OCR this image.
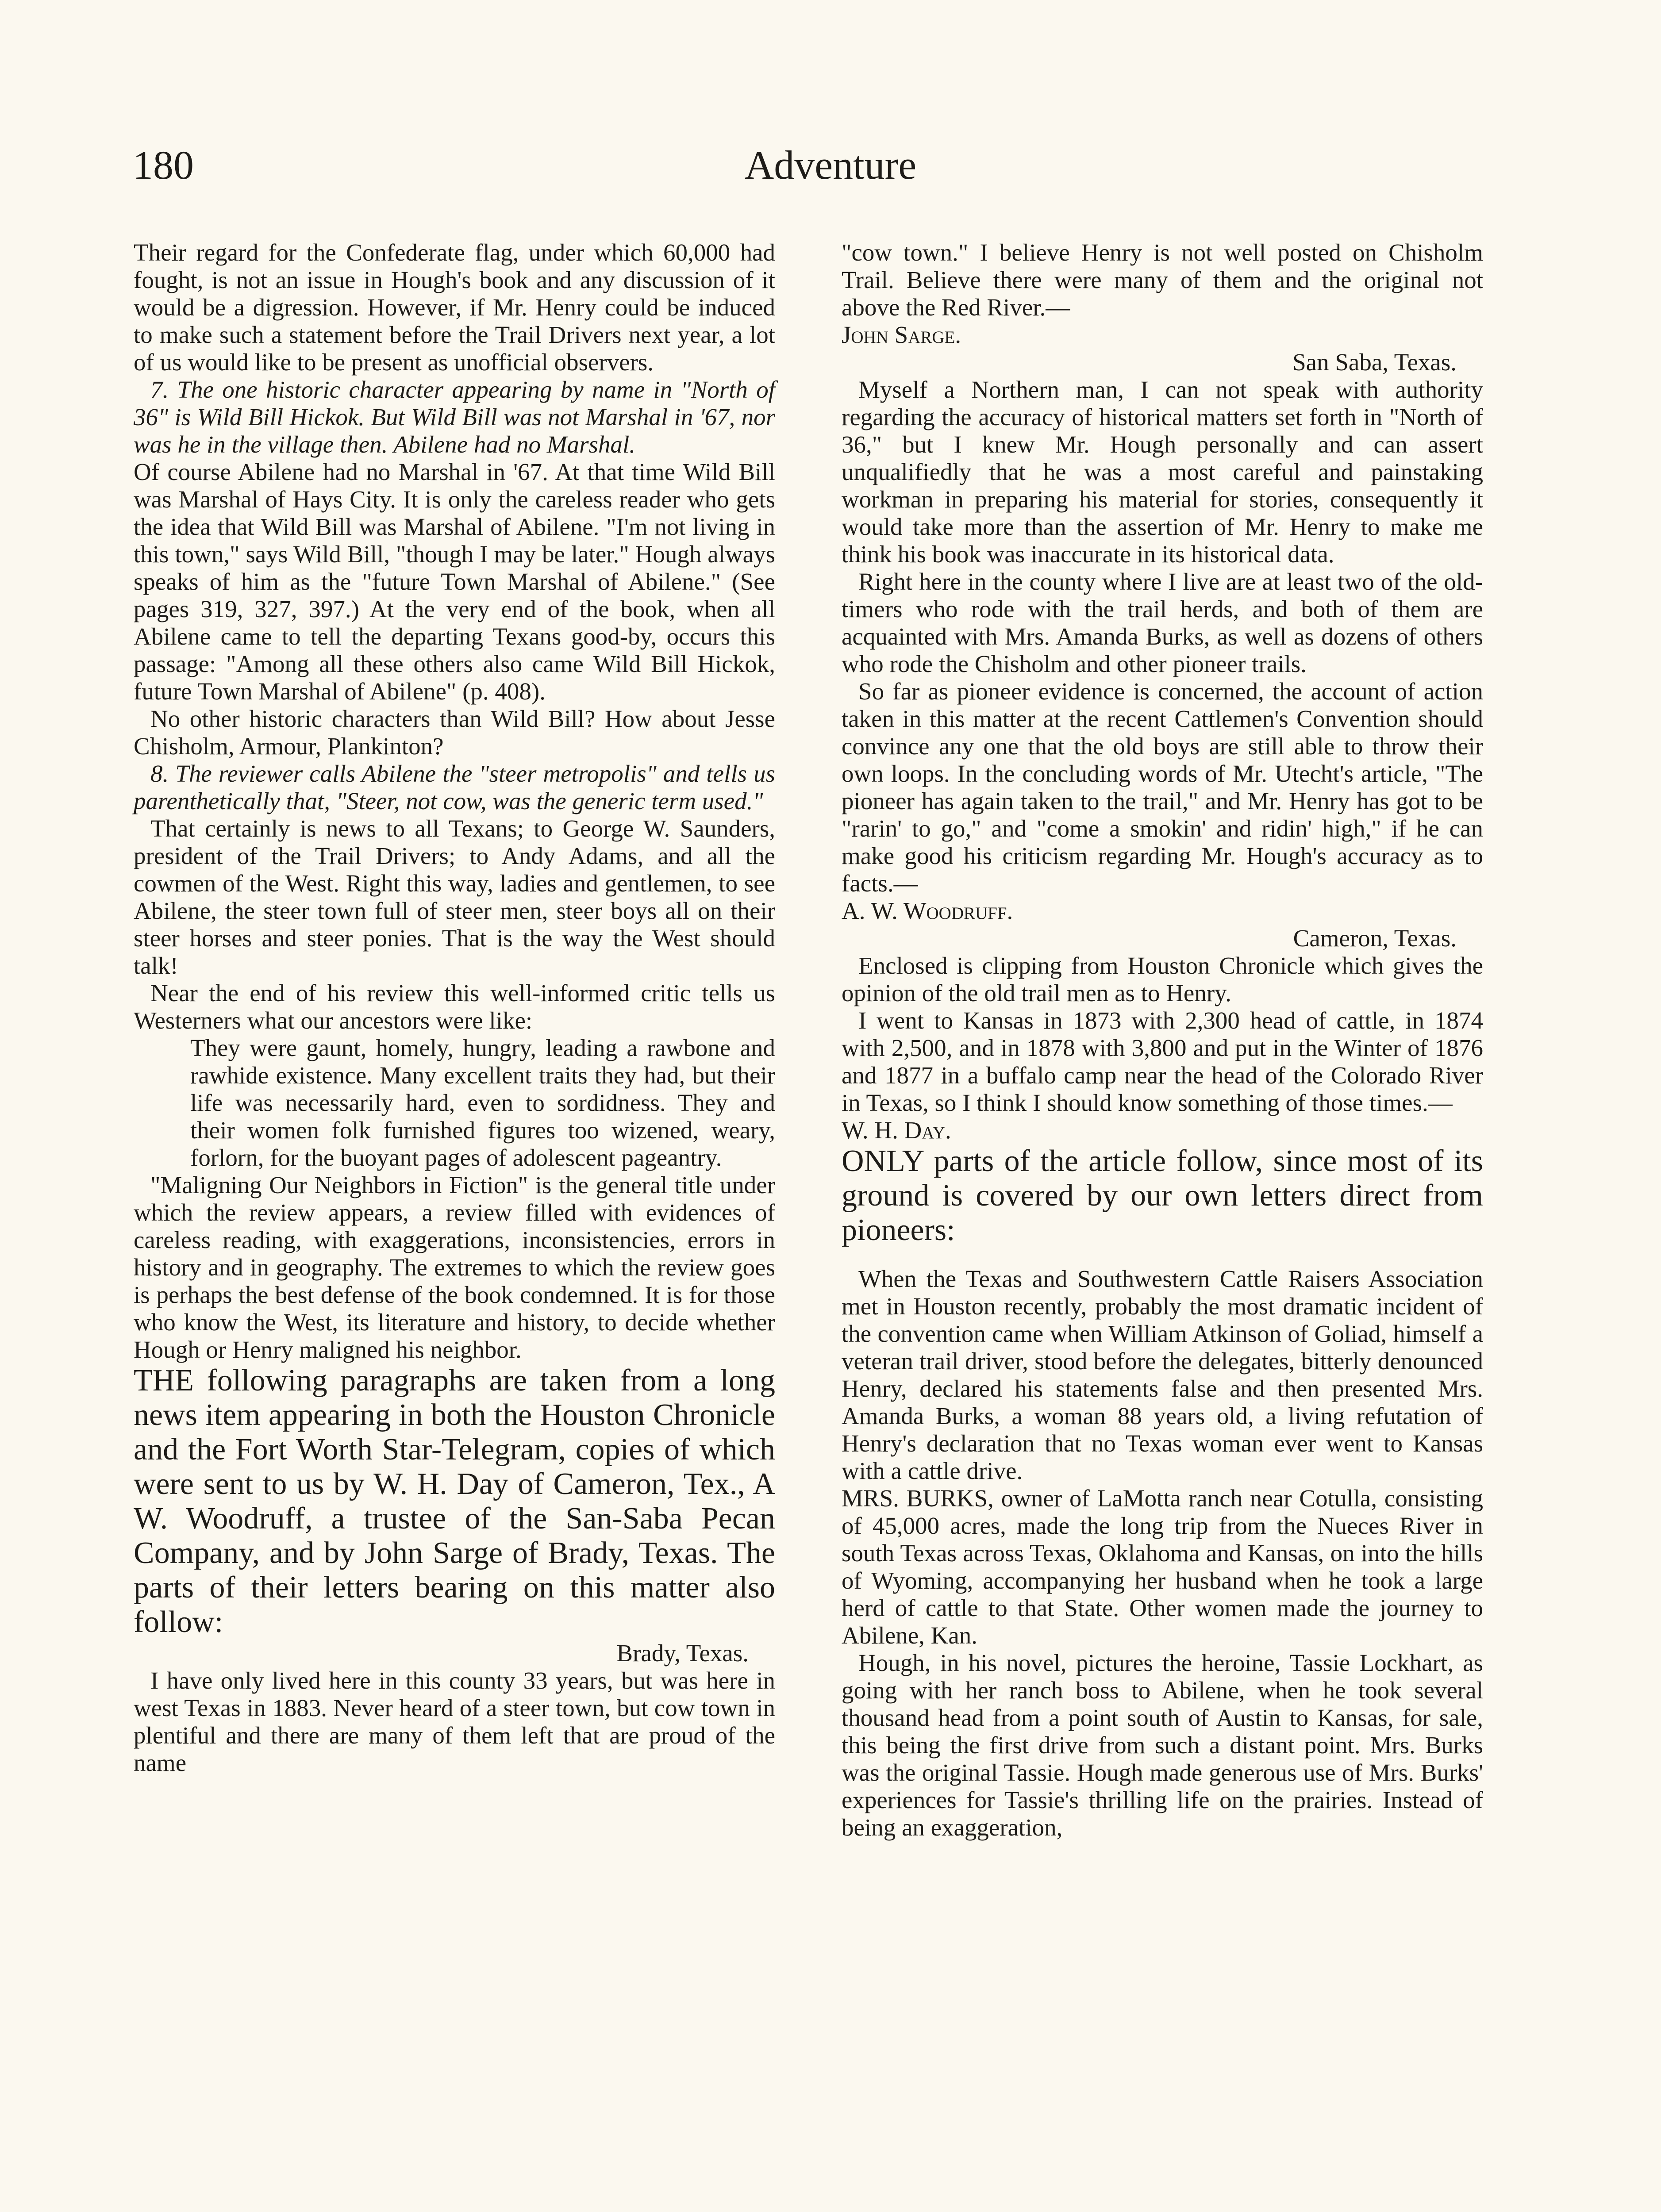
180	Adventure

Their regard for the Confederate flag, under which 60,000 had fought, is not an issue in Hough's book and any discussion of it would be a digression. However, if Mr. Henry could be induced to make such a statement before the Trail Drivers next year, a lot of us would like to be present as unofficial observers.

7. The one historic character appearing by name in "North of 36" is Wild Bill Hickok. But Wild Bill was not Marshal in '67, nor was he in the village then. Abilene had no Marshal.

Of course Abilene had no Marshal in '67. At that time Wild Bill was Marshal of Hays City. It is only the careless reader who gets the idea that Wild Bill was Marshal of Abilene. "I'm not living in this town," says Wild Bill, "though I may be later." Hough always speaks of him as the "future Town Marshal of Abilene." (See pages 319, 327, 397.) At the very end of the book, when all Abilene came to tell the departing Texans good-by, occurs this passage: "Among all these others also came Wild Bill Hickok, future Town Marshal of Abilene" (p. 408).

No other historic characters than Wild Bill? How about Jesse Chisholm, Armour, Plankinton?

8. The reviewer calls Abilene the "steer metropolis" and tells us parenthetically that, "Steer, not cow, was the generic term used."

That certainly is news to all Texans; to George W. Saunders, president of the Trail Drivers; to Andy Adams, and all the cowmen of the West. Right this way, ladies and gentlemen, to see Abilene, the steer town full of steer men, steer boys all on their steer horses and steer ponies. That is the way the West should talk!

Near the end of his review this well-informed critic tells us Westerners what our ancestors were like:

They were gaunt, homely, hungry, leading a rawbone and rawhide existence. Many excellent traits they had, but their life was necessarily hard, even to sordidness. They and their women folk furnished figures too wizened, weary, forlorn, for the buoyant pages of adolescent pageantry.

"Maligning Our Neighbors in Fiction" is the general title under which the review appears, a review filled with evidences of careless reading, with exaggerations, inconsistencies, errors in history and in geography. The extremes to which the review goes is perhaps the best defense of the book condemned. It is for those who know the West, its literature and history, to decide whether Hough or Henry maligned his neighbor.

THE following paragraphs are taken from a long news item appearing in both the Houston Chronicle and the Fort Worth Star-Telegram, copies of which were sent to us by W. H. Day of Cameron, Tex., A W. Woodruff, a trustee of the San-Saba Pecan Company, and by John Sarge of Brady, Texas. The parts of their letters bearing on this matter also follow:

Brady, Texas.

I have only lived here in this county 33 years, but was here in west Texas in 1883. Never heard of a steer town, but cow town in plentiful and there are many of them left that are proud of the name

"cow town." I believe Henry is not well posted on Chisholm Trail. Believe there were many of them and the original not above the Red River.—

John Sarge.

San Saba, Texas.

Myself a Northern man, I can not speak with authority regarding the accuracy of historical matters set forth in "North of 36," but I knew Mr. Hough personally and can assert unqualifiedly that he was a most careful and painstaking workman in preparing his material for stories, consequently it would take more than the assertion of Mr. Henry to make me think his book was inaccurate in its historical data.

Right here in the county where I live are at least two of the old-timers who rode with the trail herds, and both of them are acquainted with Mrs. Amanda Burks, as well as dozens of others who rode the Chisholm and other pioneer trails.

So far as pioneer evidence is concerned, the account of action taken in this matter at the recent Cattlemen's Convention should convince any one that the old boys are still able to throw their own loops. In the concluding words of Mr. Utecht's article, "The pioneer has again taken to the trail," and Mr. Henry has got to be "rarin' to go," and "come a smokin' and ridin' high," if he can make good his criticism regarding Mr. Hough's accuracy as to facts.—

A. W. Woodruff.

Cameron, Texas.

Enclosed is clipping from Houston Chronicle which gives the opinion of the old trail men as to Henry.

I went to Kansas in 1873 with 2,300 head of cattle, in 1874 with 2,500, and in 1878 with 3,800 and put in the Winter of 1876 and 1877 in a buffalo camp near the head of the Colorado River in Texas, so I think I should know something of those times.—

W. H. Day.

ONLY parts of the article follow, since most of its ground is covered by our own letters direct from pioneers:

When the Texas and Southwestern Cattle Raisers Association met in Houston recently, probably the most dramatic incident of the convention came when William Atkinson of Goliad, himself a veteran trail driver, stood before the delegates, bitterly denounced Henry, declared his statements false and then presented Mrs. Amanda Burks, a woman 88 years old, a living refutation of Henry's declaration that no Texas woman ever went to Kansas with a cattle drive.

MRS. BURKS, owner of LaMotta ranch near Cotulla, consisting of 45,000 acres, made the long trip from the Nueces River in south Texas across Texas, Oklahoma and Kansas, on into the hills of Wyoming, accompanying her husband when he took a large herd of cattle to that State. Other women made the journey to Abilene, Kan.

Hough, in his novel, pictures the heroine, Tassie Lockhart, as going with her ranch boss to Abilene, when he took several thousand head from a point south of Austin to Kansas, for sale, this being the first drive from such a distant point. Mrs. Burks was the original Tassie. Hough made generous use of Mrs. Burks' experiences for Tassie's thrilling life on the prairies. Instead of being an exaggeration,
